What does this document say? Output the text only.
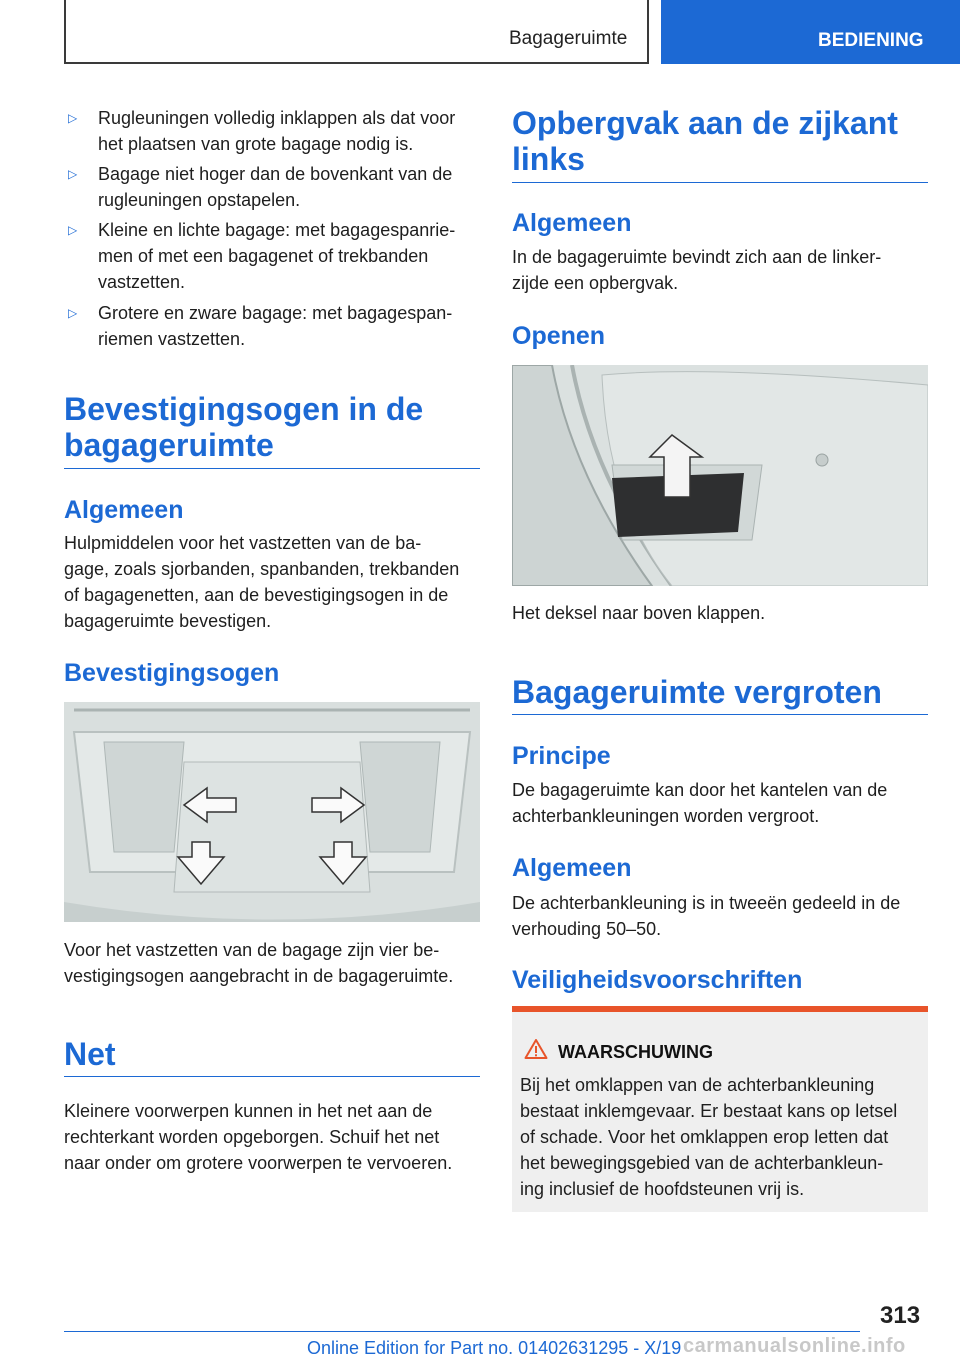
Bagageruimte	BEDIENING
▷	Rugleuningen volledig inklappen als dat voor
het plaatsen van grote bagage nodig is.
▷	Bagage niet hoger dan de bovenkant van de
rugleuningen opstapelen.
▷	Kleine en lichte bagage: met bagagespanrie-
men of met een bagagenet of trekbanden
vastzetten.
▷	Grotere en zware bagage: met bagagespan-
riemen vastzetten.
Bevestigingsogen in de
bagageruimte
Algemeen
Hulpmiddelen voor het vastzetten van de ba-
gage, zoals sjorbanden, spanbanden, trekbanden
of bagagenetten, aan de bevestigingsogen in de
bagageruimte bevestigen.
Bevestigingsogen
Voor het vastzetten van de bagage zijn vier be-
vestigingsogen aangebracht in de bagageruimte.
Net
Kleinere voorwerpen kunnen in het net aan de
rechterkant worden opgeborgen. Schuif het net
naar onder om grotere voorwerpen te vervoeren.
Opbergvak aan de zijkant
links
Algemeen
In de bagageruimte bevindt zich aan de linker-
zijde een opbergvak.
Openen
Het deksel naar boven klappen.
Bagageruimte vergroten
Principe
De bagageruimte kan door het kantelen van de
achterbankleuningen worden vergroot.
Algemeen
De achterbankleuning is in tweeën gedeeld in de
verhouding 50–50.
Veiligheidsvoorschriften
WAARSCHUWING
Bij het omklappen van de achterbankleuning
bestaat inklemgevaar. Er bestaat kans op letsel
of schade. Voor het omklappen erop letten dat
het bewegingsgebied van de achterbankleun-
ing inclusief de hoofdsteunen vrij is.
313
Online Edition for Part no. 01402631295 - X/19 carmanualsonline.info
